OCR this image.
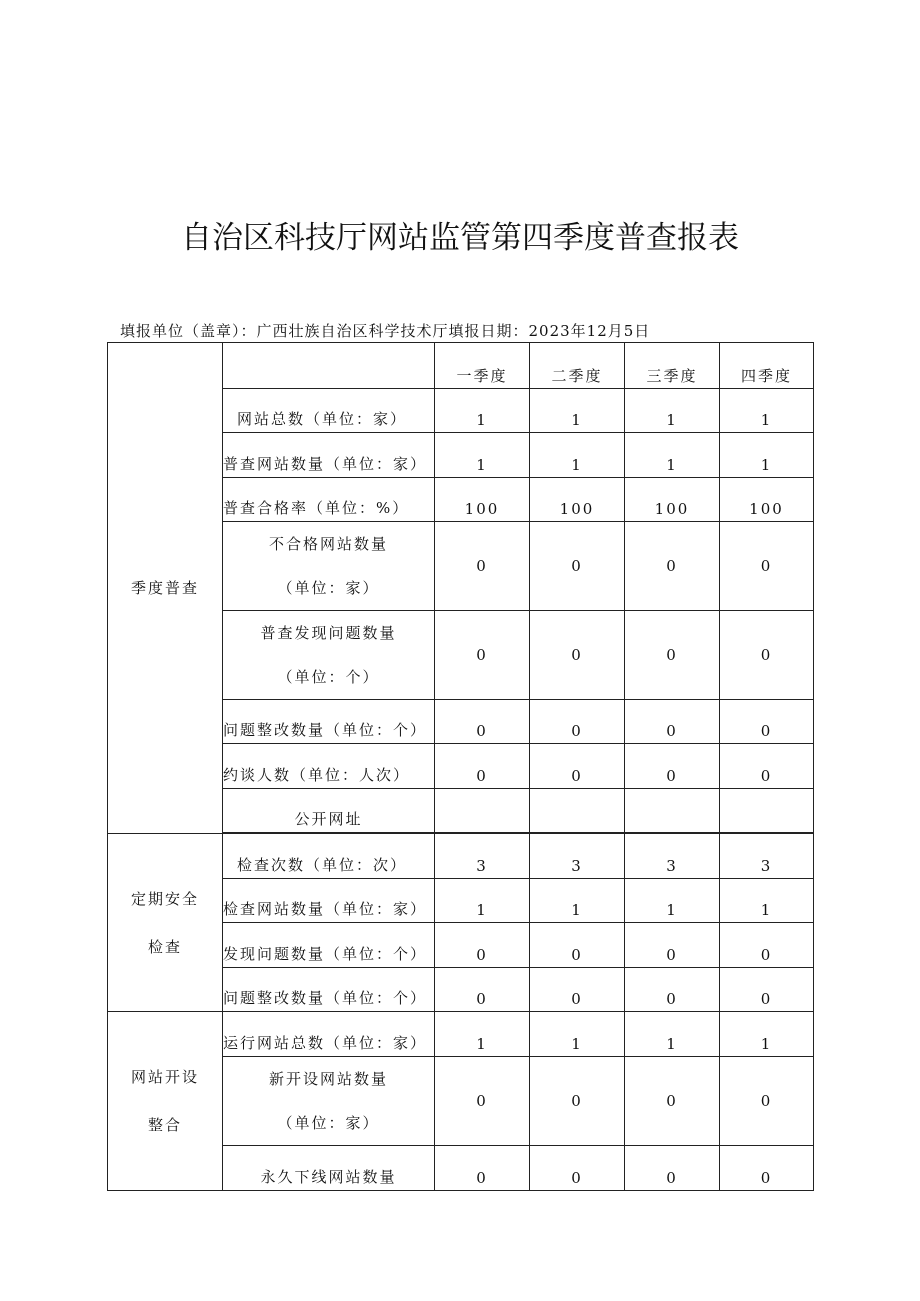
自治区科技厅网站监管第四季度普查报表
填报单位（盖章）：广西壮族自治区科学技术厅填报日期：2023年12月5日
季度普查		一季度	二季度	三季度	四季度
	网站总数（单位：家）	1	1	1	1
	普查网站数量（单位：家）	1	1	1	1
	普查合格率（单位：%）	100	100	100	100

	不合格网站数量
（单位：家）	0	0	0	0

	普查发现问题数量
（单位：个）	0	0	0	0
	问题整改数量（单位：个）	0	0	0	0
	约谈人数（单位：人次）	0	0	0	0
	公开网址				

定期安全
检查	检查次数（单位：次）	3	3	3	3
	检查网站数量（单位：家）	1	1	1	1
	发现问题数量（单位：个）	0	0	0	0
	问题整改数量（单位：个）	0	0	0	0

网站开设
整合	运行网站总数（单位：家）	1	1	1	1

	新开设网站数量
（单位：家）	0	0	0	0
	永久下线网站数量	0	0	0	0
